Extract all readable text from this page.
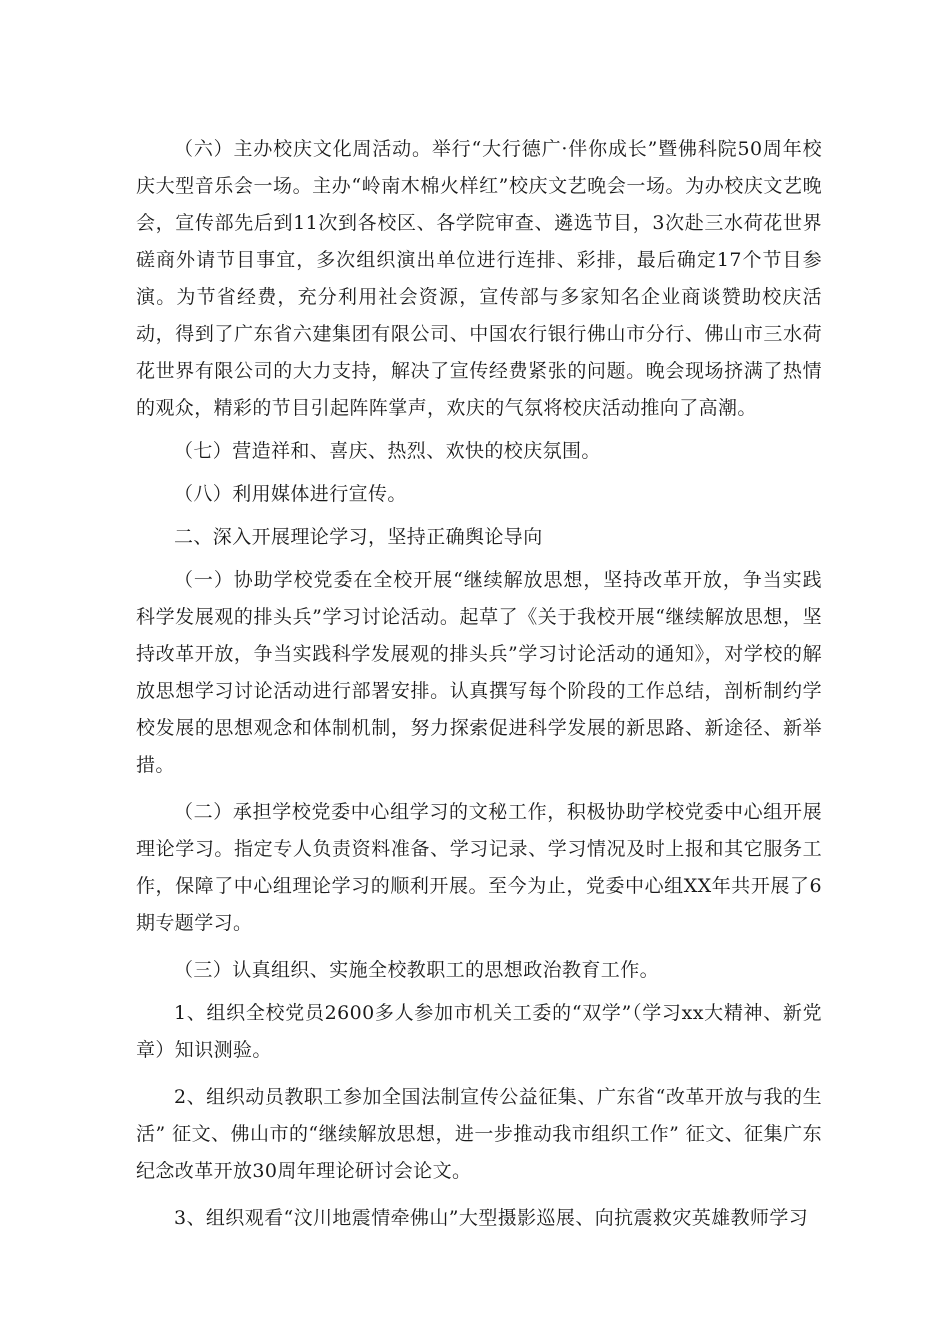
（六）主办校庆文化周活动。举行“大行德广·伴你成长”暨佛科院50周年校庆大型音乐会一场。主办“岭南木棉火样红”校庆文艺晚会一场。为办校庆文艺晚会，宣传部先后到11次到各校区、各学院审查、遴选节目，3次赴三水荷花世界磋商外请节目事宜，多次组织演出单位进行连排、彩排，最后确定17个节目参演。为节省经费，充分利用社会资源，宣传部与多家知名企业商谈赞助校庆活动，得到了广东省六建集团有限公司、中国农行银行佛山市分行、佛山市三水荷花世界有限公司的大力支持，解决了宣传经费紧张的问题。晚会现场挤满了热情的观众，精彩的节目引起阵阵掌声，欢庆的气氛将校庆活动推向了高潮。

（七）营造祥和、喜庆、热烈、欢快的校庆氛围。

（八）利用媒体进行宣传。

二、深入开展理论学习，坚持正确舆论导向

（一）协助学校党委在全校开展“继续解放思想，坚持改革开放，争当实践科学发展观的排头兵”学习讨论活动。起草了《关于我校开展“继续解放思想，坚持改革开放，争当实践科学发展观的排头兵”学习讨论活动的通知》，对学校的解放思想学习讨论活动进行部署安排。认真撰写每个阶段的工作总结，剖析制约学校发展的思想观念和体制机制，努力探索促进科学发展的新思路、新途径、新举措。

（二）承担学校党委中心组学习的文秘工作，积极协助学校党委中心组开展理论学习。指定专人负责资料准备、学习记录、学习情况及时上报和其它服务工作，保障了中心组理论学习的顺利开展。至今为止，党委中心组XX年共开展了6期专题学习。

（三）认真组织、实施全校教职工的思想政治教育工作。

1、组织全校党员2600多人参加市机关工委的“双学”（学习xx大精神、新党章）知识测验。

2、组织动员教职工参加全国法制宣传公益征集、广东省“改革开放与我的生活” 征文、佛山市的“继续解放思想，进一步推动我市组织工作” 征文、征集广东纪念改革开放30周年理论研讨会论文。

3、组织观看“汶川地震情牵佛山”大型摄影巡展、向抗震救灾英雄教师学习
